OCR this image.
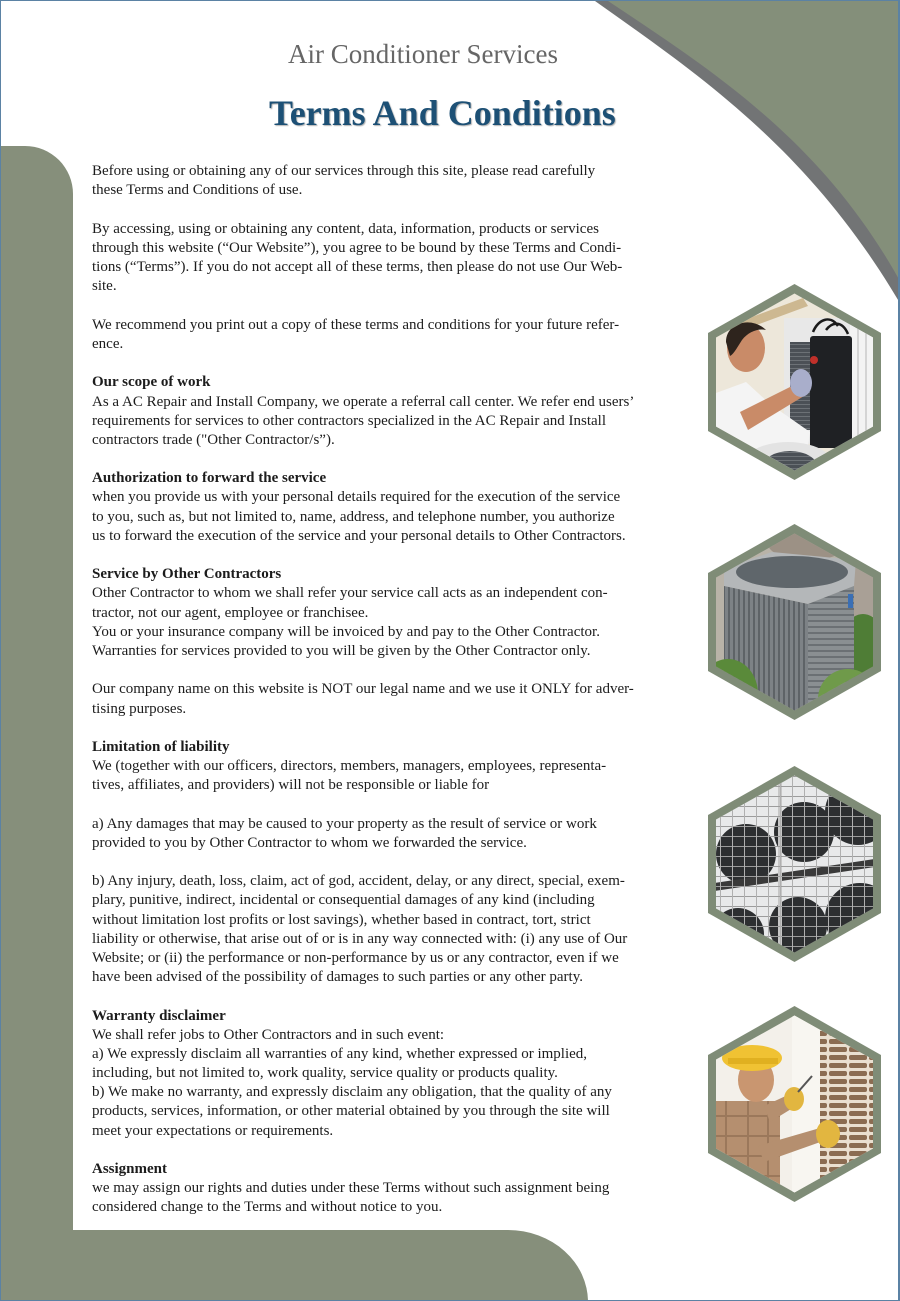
Air Conditioner Services
Terms And Conditions
Before using or obtaining any of our services through this site, please read carefully
these Terms and Conditions of use.
By accessing, using or obtaining any content, data, information, products or services
through this website (“Our Website”), you agree to be bound by these Terms and Condi-
tions (“Terms”). If you do not accept all of these terms, then please do not use Our Web-
site.
We recommend you print out a copy of these terms and conditions for your future refer-
ence.
Our scope of work
As a AC Repair and Install Company, we operate a referral call center. We refer end users’
requirements for services to other contractors specialized in the AC Repair and Install
contractors trade ("Other Contractor/s”).
Authorization to forward the service
when you provide us with your personal details required for the execution of the service
to you, such as, but not limited to, name, address, and telephone number, you authorize
us to forward the execution of the service and your personal details to Other Contractors.
Service by Other Contractors
Other Contractor to whom we shall refer your service call acts as an independent con-
tractor, not our agent, employee or franchisee.
You or your insurance company will be invoiced by and pay to the Other Contractor.
Warranties for services provided to you will be given by the Other Contractor only.
Our company name on this website is NOT our legal name and we use it ONLY for adver-
tising purposes.
Limitation of liability
We (together with our officers, directors, members, managers, employees, representa-
tives, affiliates, and providers) will not be responsible or liable for
a) Any damages that may be caused to your property as the result of service or work
provided to you by Other Contractor to whom we forwarded the service.
b) Any injury, death, loss, claim, act of god, accident, delay, or any direct, special, exem-
plary, punitive, indirect, incidental or consequential damages of any kind (including
without limitation lost profits or lost savings), whether based in contract, tort, strict
liability or otherwise, that arise out of or is in any way connected with: (i) any use of Our
Website; or (ii) the performance or non-performance by us or any contractor, even if we
have been advised of the possibility of damages to such parties or any other party.
Warranty disclaimer
We shall refer jobs to Other Contractors and in such event:
a) We expressly disclaim all warranties of any kind, whether expressed or implied,
including, but not limited to, work quality, service quality or products quality.
b) We make no warranty, and expressly disclaim any obligation, that the quality of any
products, services, information, or other material obtained by you through the site will
meet your expectations or requirements.
Assignment
we may assign our rights and duties under these Terms without such assignment being
considered change to the Terms and without notice to you.
